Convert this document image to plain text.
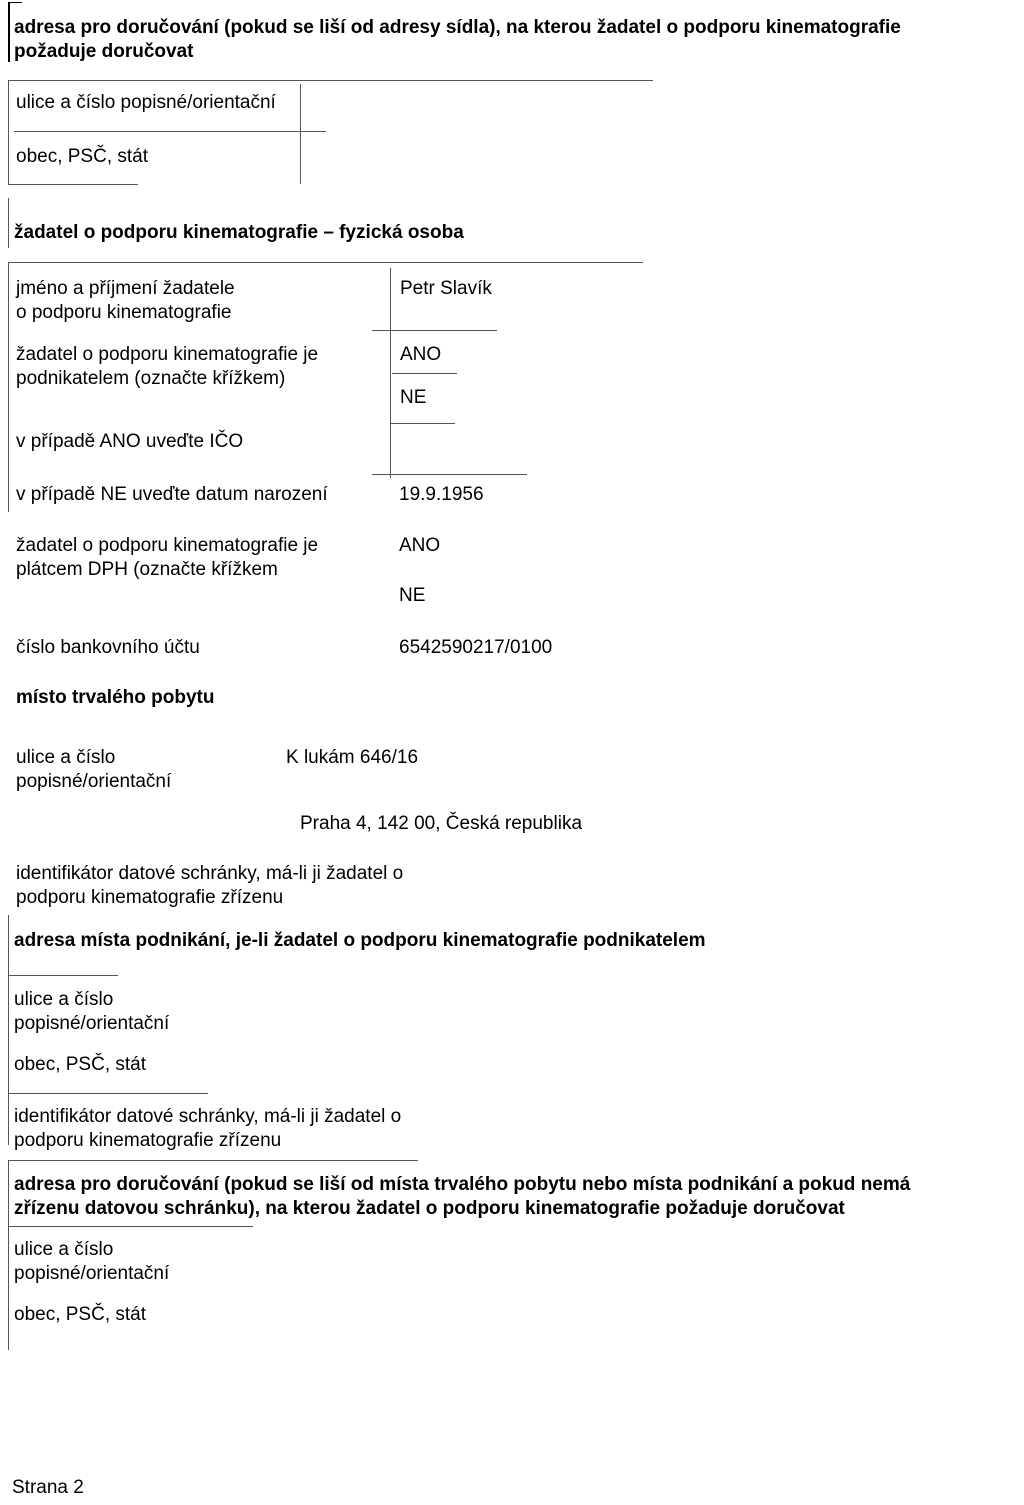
adresa pro doručování (pokud se liší od adresy sídla), na kterou žadatel o podporu kinematografie
požaduje doručovat
ulice a číslo popisné/orientační
obec, PSČ, stát
žadatel o podporu kinematografie – fyzická osoba
jméno a příjmení žadatele
o podporu kinematografie
Petr Slavík
žadatel o podporu kinematografie je
podnikatelem (označte křížkem)
ANO
NE
v případě ANO uveďte IČO
v případě NE uveďte datum narození	19.9.1956
žadatel o podporu kinematografie je
plátcem DPH (označte křížkem
ANO
NE
číslo bankovního účtu	6542590217/0100
místo trvalého pobytu
ulice a číslo
popisné/orientační
K lukám 646/16
Praha 4, 142 00, Česká republika
identifikátor datové schránky, má-li ji žadatel o
podporu kinematografie zřízenu
adresa místa podnikání, je-li žadatel o podporu kinematografie podnikatelem
ulice a číslo
popisné/orientační
obec, PSČ, stát
identifikátor datové schránky, má-li ji žadatel o
podporu kinematografie zřízenu
adresa pro doručování (pokud se liší od místa trvalého pobytu nebo místa podnikání a pokud nemá
zřízenu datovou schránku), na kterou žadatel o podporu kinematografie požaduje doručovat
ulice a číslo
popisné/orientační
obec, PSČ, stát
Strana 2
